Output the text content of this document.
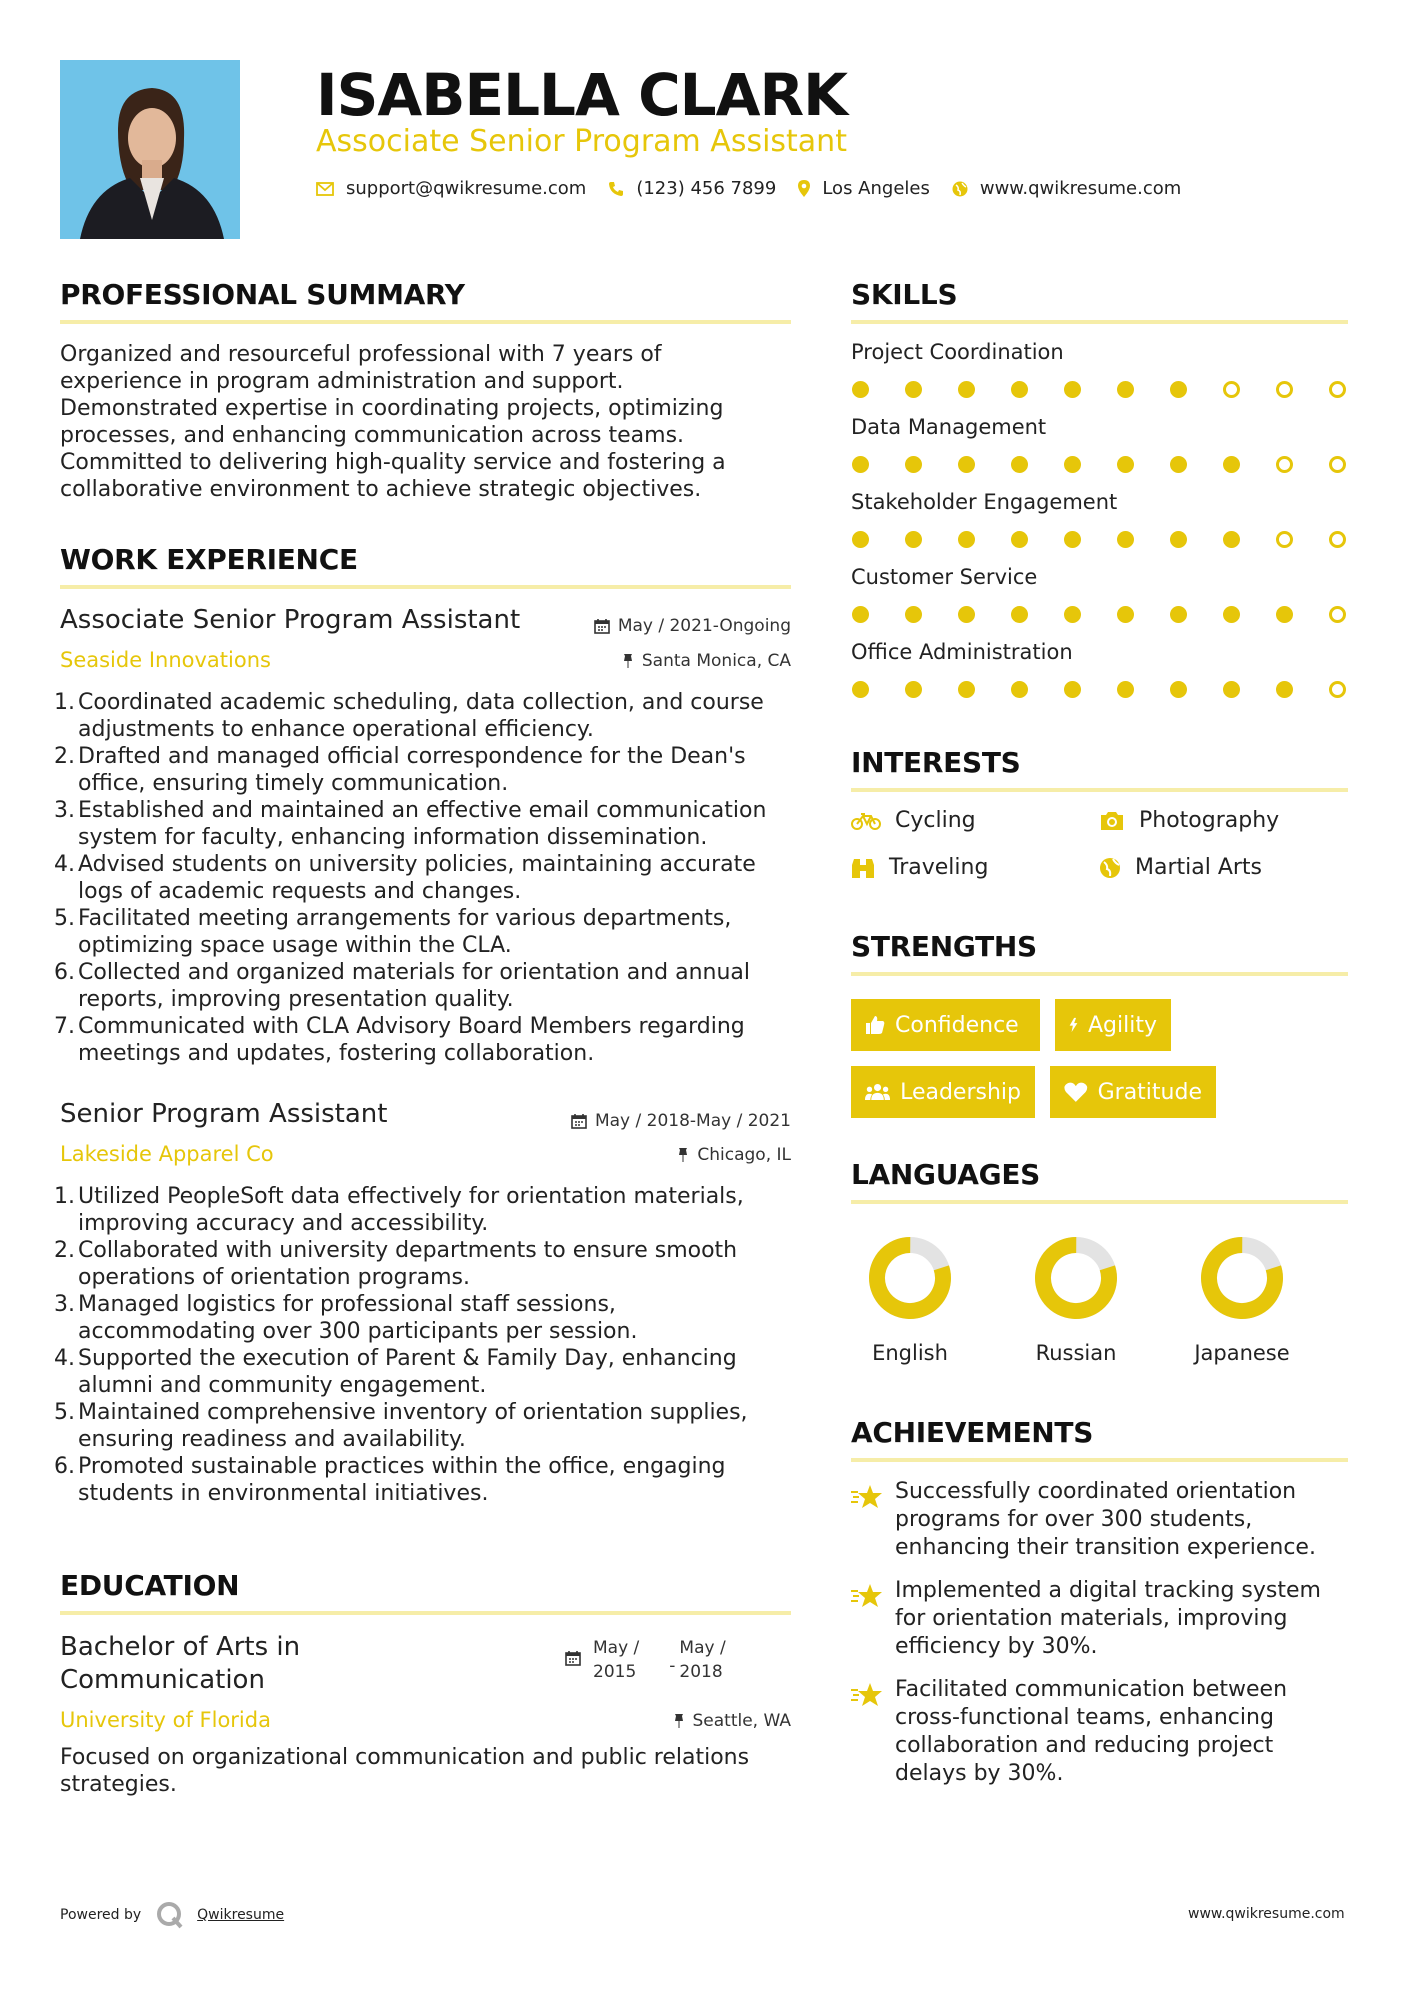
ISABELLA CLARK
Associate Senior Program Assistant
support@qwikresume.com	(123) 456 7899	Los Angeles	www.qwikresume.com
PROFESSIONAL SUMMARY
Organized and resourceful professional with 7 years of
experience in program administration and support.
Demonstrated expertise in coordinating projects, optimizing
processes, and enhancing communication across teams.
Committed to delivering high-quality service and fostering a
collaborative environment to achieve strategic objectives.
WORK EXPERIENCE
Associate Senior Program Assistant	May / 2021-Ongoing
Seaside Innovations	Santa Monica, CA
1. Coordinated academic scheduling, data collection, and course
adjustments to enhance operational efficiency.
2. Drafted and managed official correspondence for the Dean's
office, ensuring timely communication.
3. Established and maintained an effective email communication
system for faculty, enhancing information dissemination.
4. Advised students on university policies, maintaining accurate
logs of academic requests and changes.
5. Facilitated meeting arrangements for various departments,
optimizing space usage within the CLA.
6. Collected and organized materials for orientation and annual
reports, improving presentation quality.
7. Communicated with CLA Advisory Board Members regarding
meetings and updates, fostering collaboration.
Senior Program Assistant	May / 2018-May / 2021
Lakeside Apparel Co	Chicago, IL
1. Utilized PeopleSoft data effectively for orientation materials,
improving accuracy and accessibility.
2. Collaborated with university departments to ensure smooth
operations of orientation programs.
3. Managed logistics for professional staff sessions,
accommodating over 300 participants per session.
4. Supported the execution of Parent & Family Day, enhancing
alumni and community engagement.
5. Maintained comprehensive inventory of orientation supplies,
ensuring readiness and availability.
6. Promoted sustainable practices within the office, engaging
students in environmental initiatives.
EDUCATION
Bachelor of Arts in
Communication
May /
2015 -
May /
2018
University of Florida	Seattle, WA
Focused on organizational communication and public relations
strategies.
SKILLS
Project Coordination
Data Management
Stakeholder Engagement
Customer Service
Office Administration
INTERESTS
Cycling	Photography
Traveling	Martial Arts
STRENGTHS
Confidence	Agility
Leadership	Gratitude
LANGUAGES
English	Russian	Japanese
ACHIEVEMENTS
Successfully coordinated orientation
programs for over 300 students,
enhancing their transition experience.
Implemented a digital tracking system
for orientation materials, improving
efficiency by 30%.
Facilitated communication between
cross-functional teams, enhancing
collaboration and reducing project
delays by 30%.
Powered by	Qwikresume	www.qwikresume.com
